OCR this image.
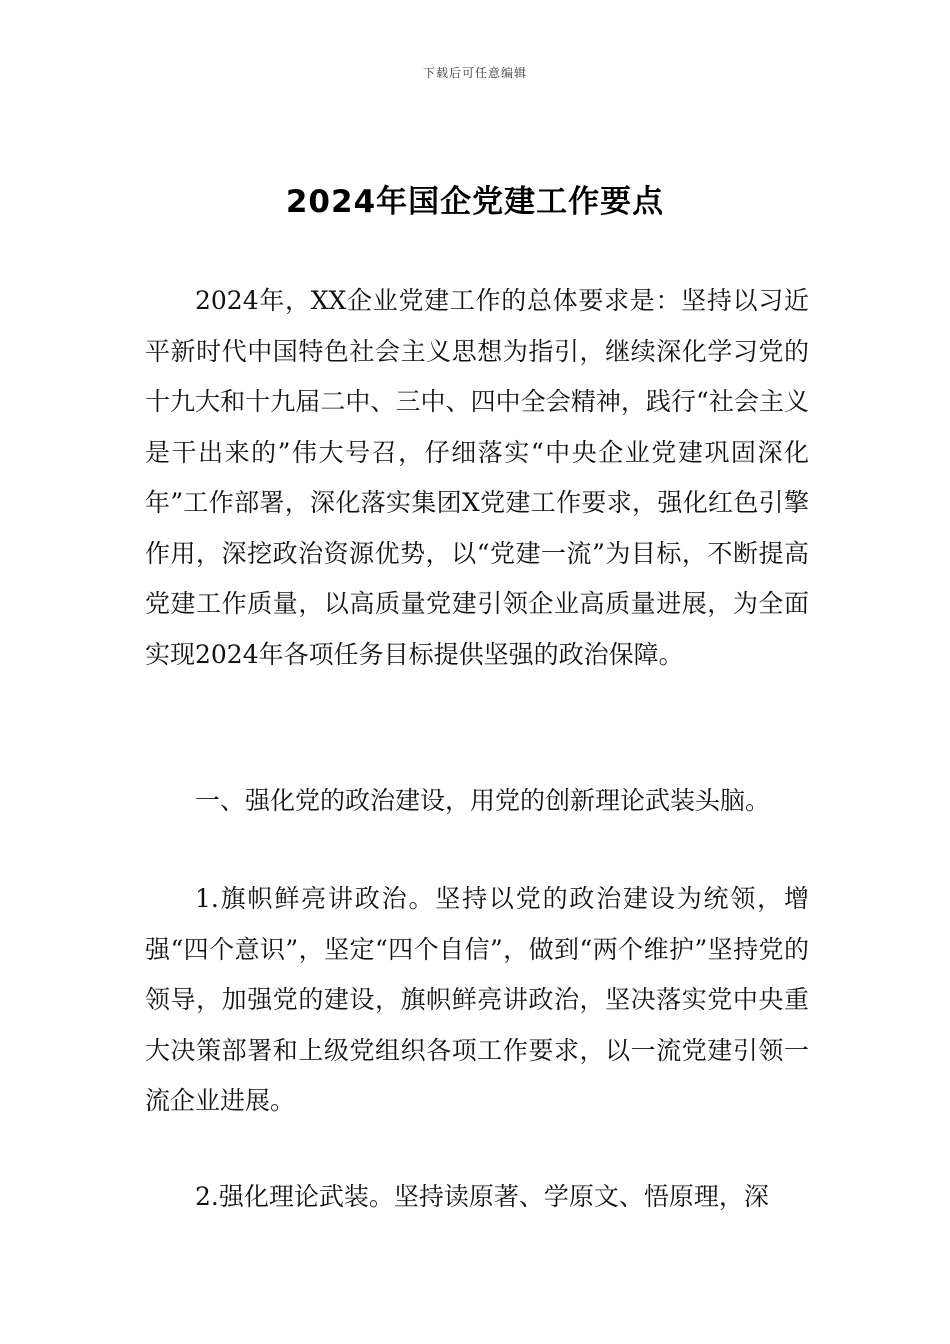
下载后可任意编辑
2024年国企党建工作要点

2024年，XX企业党建工作的总体要求是：坚持以习近平新时代中国特色社会主义思想为指引，继续深化学习党的十九大和十九届二中、三中、四中全会精神，践行“社会主义是干出来的”伟大号召，仔细落实“中央企业党建巩固深化年”工作部署，深化落实集团X党建工作要求，强化红色引擎作用，深挖政治资源优势，以“党建一流”为目标，不断提高党建工作质量，以高质量党建引领企业高质量进展，为全面实现2024年各项任务目标提供坚强的政治保障。

一、强化党的政治建设，用党的创新理论武装头脑。

1.旗帜鲜亮讲政治。坚持以党的政治建设为统领，增强“四个意识”，坚定“四个自信”，做到“两个维护”坚持党的领导，加强党的建设，旗帜鲜亮讲政治，坚决落实党中央重大决策部署和上级党组织各项工作要求，以一流党建引领一流企业进展。

2.强化理论武装。坚持读原著、学原文、悟原理，深
